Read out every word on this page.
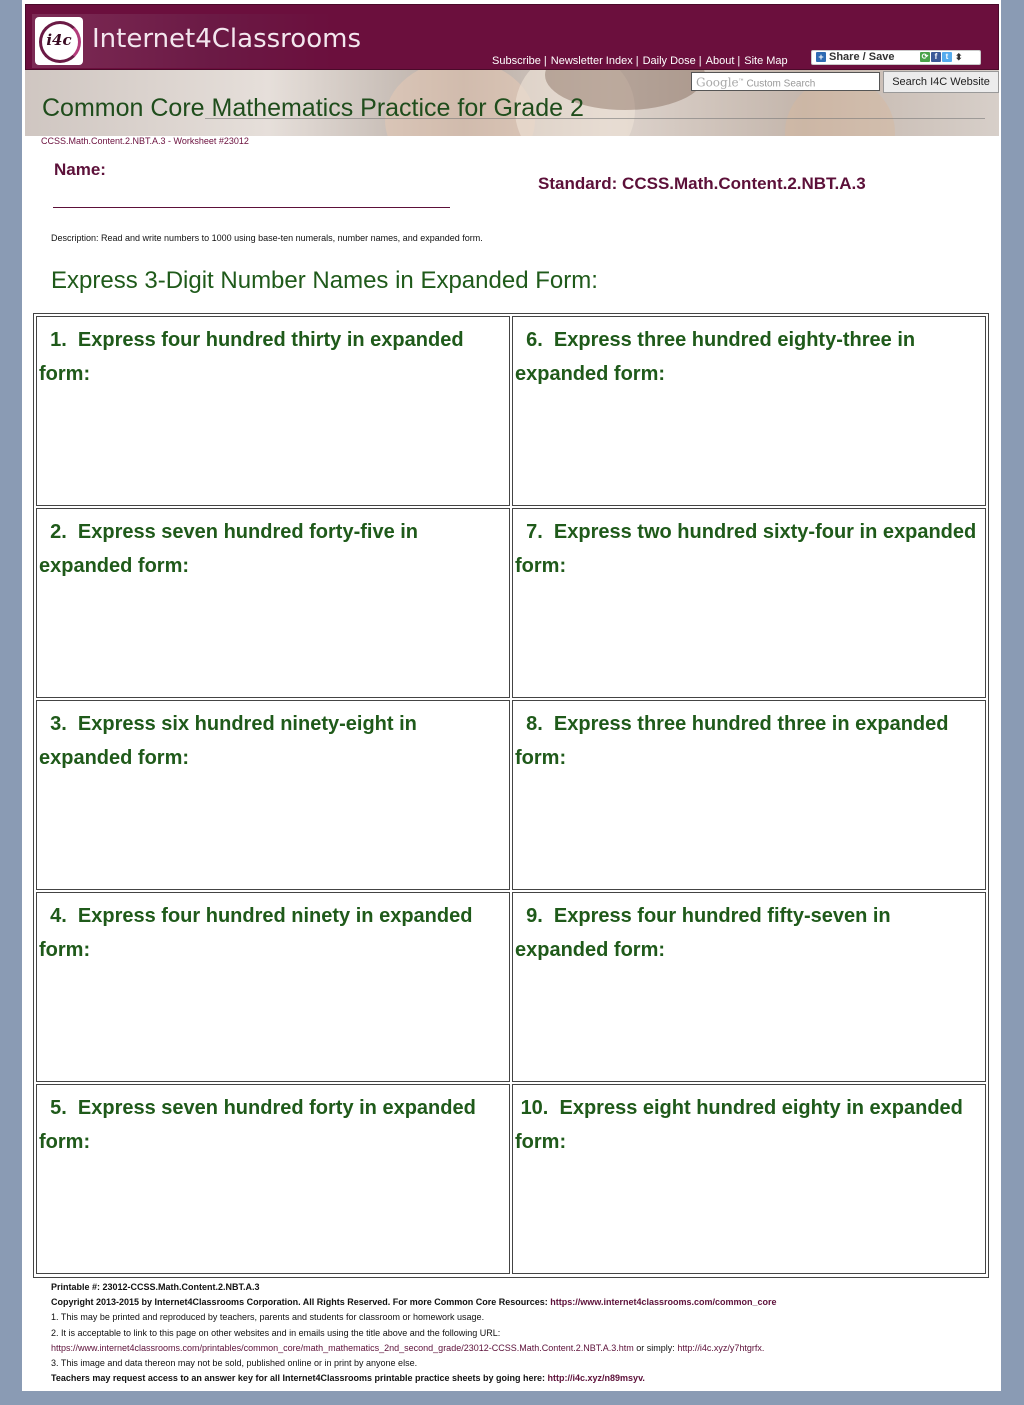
i4c Internet4Classrooms
Subscribe | Newsletter Index | Daily Dose | About | Site Map	+ Share / Save	⟳ f t ⬍
Common Core Mathematics Practice for Grade 2
Google™ Custom Search	Search I4C Website
CCSS.Math.Content.2.NBT.A.3 - Worksheet #23012
Name:
Standard: CCSS.Math.Content.2.NBT.A.3
Description: Read and write numbers to 1000 using base-ten numerals, number names, and expanded form.
Express 3-Digit Number Names in Expanded Form:
1.  Express four hundred thirty in expanded form:
6.  Express three hundred eighty-three in expanded form:
2.  Express seven hundred forty-five in expanded form:
7.  Express two hundred sixty-four in expanded form:
3.  Express six hundred ninety-eight in expanded form:
8.  Express three hundred three in expanded form:
4.  Express four hundred ninety in expanded form:
9.  Express four hundred fifty-seven in expanded form:
5.  Express seven hundred forty in expanded form:
10.  Express eight hundred eighty in expanded form:
Printable #: 23012-CCSS.Math.Content.2.NBT.A.3
Copyright 2013-2015 by Internet4Classrooms Corporation. All Rights Reserved. For more Common Core Resources: https://www.internet4classrooms.com/common_core
1. This may be printed and reproduced by teachers, parents and students for classroom or homework usage.
2. It is acceptable to link to this page on other websites and in emails using the title above and the following URL:
https://www.internet4classrooms.com/printables/common_core/math_mathematics_2nd_second_grade/23012-CCSS.Math.Content.2.NBT.A.3.htm or simply: http://i4c.xyz/y7htgrfx.
3. This image and data thereon may not be sold, published online or in print by anyone else.
Teachers may request access to an answer key for all Internet4Classrooms printable practice sheets by going here: http://i4c.xyz/n89msyv.
